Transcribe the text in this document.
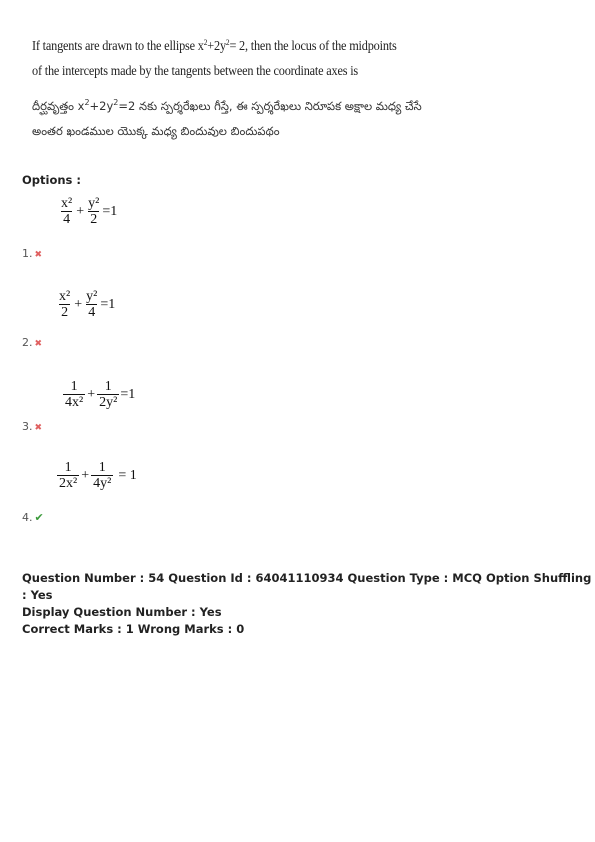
If tangents are drawn to the ellipse $x^2+2y^2= 2$, then the locus of the midpoints
of the intercepts made by the tangents between the coordinate axes is
దీర్ఘవృత్తం $x^2+2y^2=2$ నకు స్పర్శరేఖలు గీస్తే, ఈ స్పర్శరేఖలు నిరూపక అక్షాల మధ్య చేసే
అంతర ఖండముల యొక్క మధ్య బిందువుల బిందుపథం
Options :
$\frac{\text{x²}}{4} + \frac{\text{y²}}{2} =1$
1. ✖
$\frac{\text{x²}}{2} + \frac{\text{y²}}{4} =1$
2. ✖
$\frac{1}{\text{4x²}} + \frac{1}{\text{2y²}} =1$
3. ✖
$\frac{1}{\text{2x²}} + \frac{1}{\text{4y²}} = 1$
4. ✔
Question Number : 54 Question Id : 64041110934 Question Type : MCQ Option Shuffling : Yes
Display Question Number : Yes
Correct Marks : 1 Wrong Marks : 0
